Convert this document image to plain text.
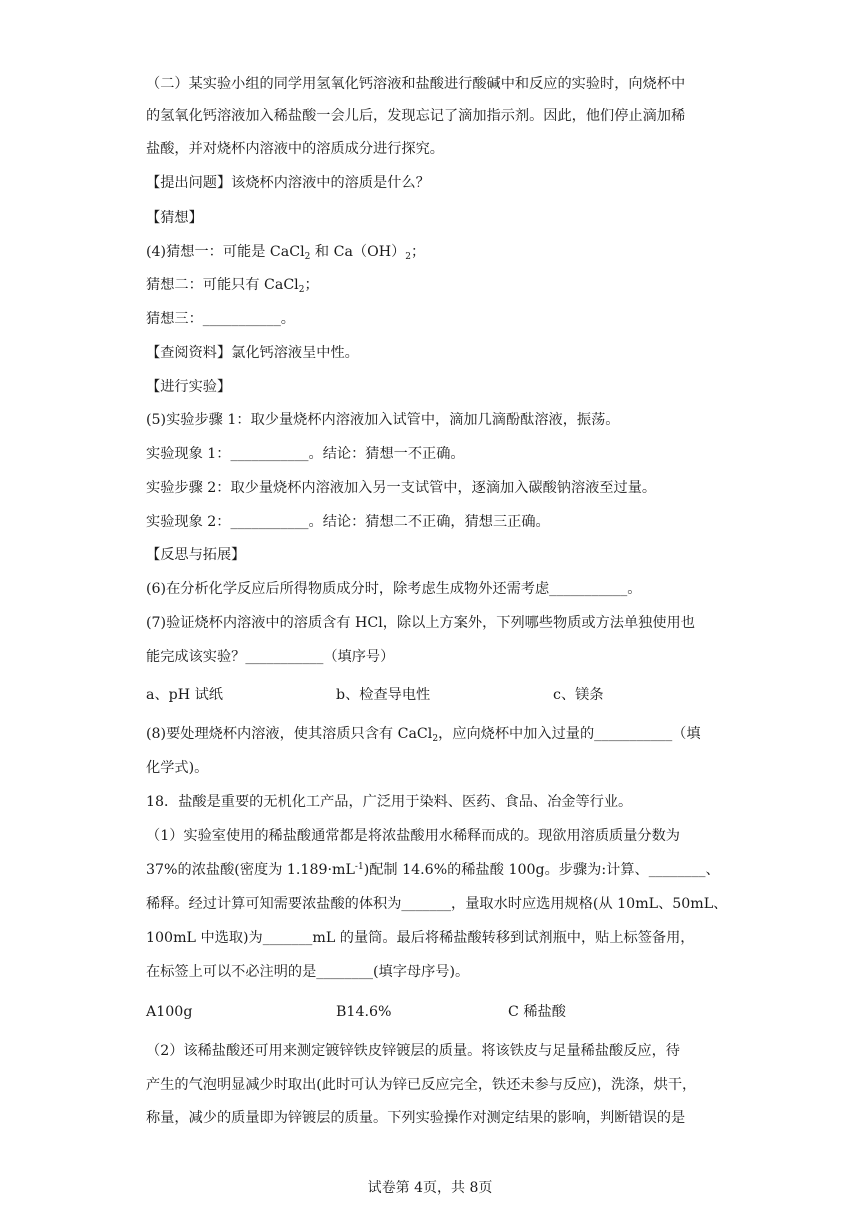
（二）某实验小组的同学用氢氧化钙溶液和盐酸进行酸碱中和反应的实验时，向烧杯中
的氢氧化钙溶液加入稀盐酸一会儿后，发现忘记了滴加指示剂。因此，他们停止滴加稀
盐酸，并对烧杯内溶液中的溶质成分进行探究。
【提出问题】该烧杯内溶液中的溶质是什么？
【猜想】
(4)猜想一：可能是 CaCl$_2$ 和 $Ca(OH)_2$；
猜想二：可能只有 CaCl$_2$；
猜想三：___________。
【查阅资料】氯化钙溶液呈中性。
【进行实验】
(5)实验步骤 1：取少量烧杯内溶液加入试管中，滴加几滴酚酞溶液，振荡。
实验现象 1：___________。结论：猜想一不正确。
实验步骤 2：取少量烧杯内溶液加入另一支试管中，逐滴加入碳酸钠溶液至过量。
实验现象 2：___________。结论：猜想二不正确，猜想三正确。
【反思与拓展】
(6)在分析化学反应后所得物质成分时，除考虑生成物外还需考虑___________。
(7)验证烧杯内溶液中的溶质含有 HCl，除以上方案外，下列哪些物质或方法单独使用也
能完成该实验？___________（填序号）
a、pH 试纸	b、检查导电性	c、镁条
(8)要处理烧杯内溶液，使其溶质只含有 CaCl$_2$，应向烧杯中加入过量的___________（填
化学式)。
18．盐酸是重要的无机化工产品，广泛用于染料、医药、食品、冶金等行业。
（1）实验室使用的稀盐酸通常都是将浓盐酸用水稀释而成的。现欲用溶质质量分数为
37%的浓盐酸(密度为 $1.189\cdot mL^{-1}$)配制 14.6%的稀盐酸 100g。步骤为:计算、________、
稀释。经过计算可知需要浓盐酸的体积为_______，量取水时应选用规格(从 10mL、50mL、
100mL 中选取)为_______mL 的量筒。最后将稀盐酸转移到试剂瓶中，贴上标签备用，
在标签上可以不必注明的是________(填字母序号)。
A100g	B14.6%	C 稀盐酸
（2）该稀盐酸还可用来测定镀锌铁皮锌镀层的质量。将该铁皮与足量稀盐酸反应，待
产生的气泡明显减少时取出(此时可认为锌已反应完全，铁还未参与反应)，洗涤，烘干，
称量，减少的质量即为锌镀层的质量。下列实验操作对测定结果的影响，判断错误的是
试卷第 4页，共 8页
